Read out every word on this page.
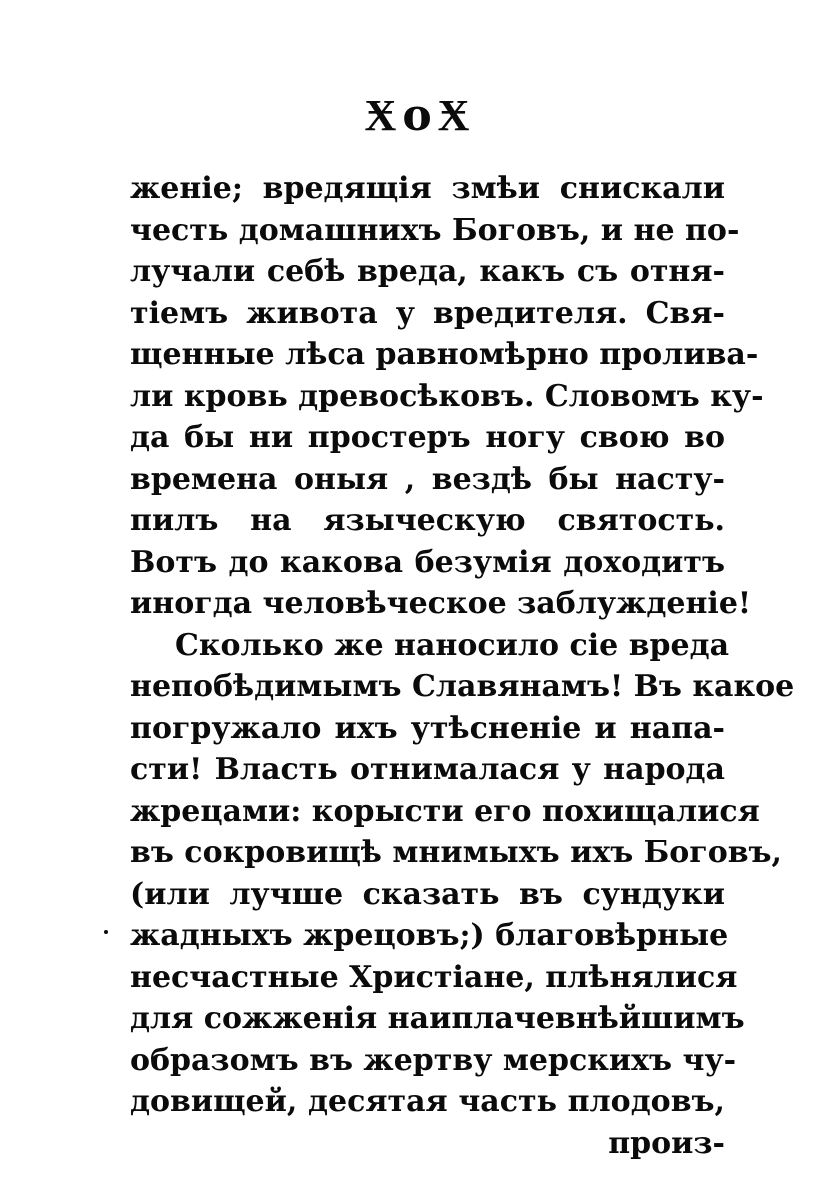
ӾoӾ
женіе; вредящія змѣи снискали
честь домашнихъ Боговъ, и не по-
лучали себѣ вреда, какъ съ отня-
тіемъ живота у вредителя. Свя-
щенные лѣса равномѣрно пролива-
ли кровь древосѣковъ. Словомъ ку-
да бы ни простеръ ногу свою во
времена оныя , вездѣ бы насту-
пилъ на языческую святость.
Вотъ до какова безумія доходитъ
иногда человѣческое заблужденіе!
Сколько же наносило сіе вреда
непобѣдимымъ Славянамъ! Въ какое
погружало ихъ утѣсненіе и напа-
сти! Власть отнималася у народа
жрецами: корысти его похищалися
въ сокровищѣ мнимыхъ ихъ Боговъ,
(или лучше сказать въ сундуки
жадныхъ жрецовъ;) благовѣрные
несчастные Христіане, плѣнялися
для сожженія наиплачевнѣйшимъ
образомъ въ жертву мерскихъ чу-
довищей, десятая часть плодовъ,
произ-
